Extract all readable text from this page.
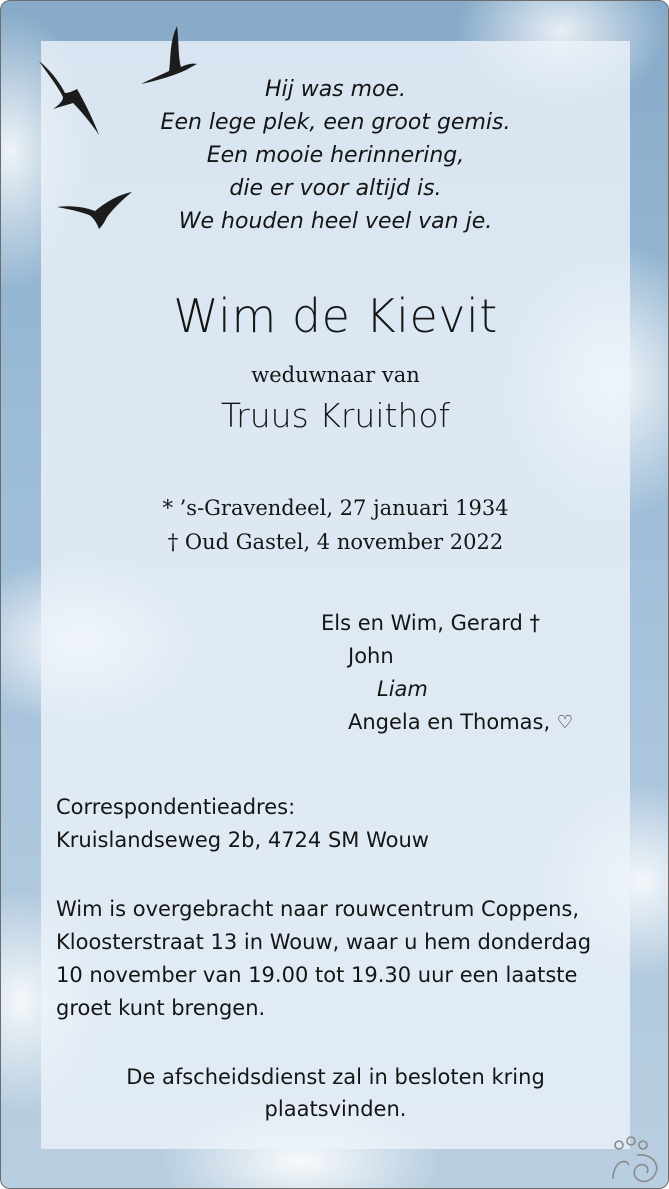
Hij was moe.
Een lege plek, een groot gemis.
Een mooie herinnering,
die er voor altijd is.
We houden heel veel van je.
Wim de Kievit
weduwnaar van
Truus Kruithof
* ’s-Gravendeel, 27 januari 1934
† Oud Gastel, 4 november 2022
Els en Wim, Gerard †
John
Liam
Angela en Thomas, ♡
Correspondentieadres:
Kruislandseweg 2b, 4724 SM Wouw
Wim is overgebracht naar rouwcentrum Coppens,
Kloosterstraat 13 in Wouw, waar u hem donderdag
10 november van 19.00 tot 19.30 uur een laatste
groet kunt brengen.
De afscheidsdienst zal in besloten kring
plaatsvinden.
